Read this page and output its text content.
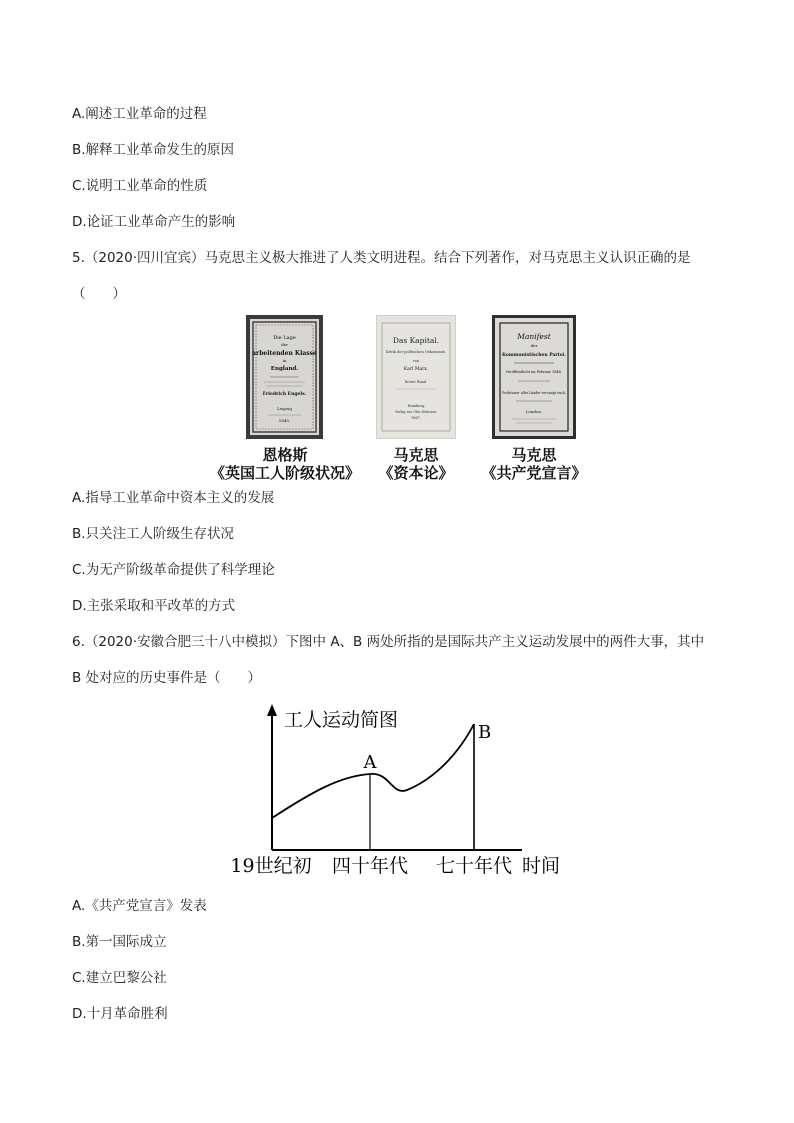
A.阐述工业革命的过程
B.解释工业革命发生的原因
C.说明工业革命的性质
D.论证工业革命产生的影响
5.（2020·四川宜宾）马克思主义极大推进了人类文明进程。结合下列著作，对马克思主义认识正确的是
（　　）
Die Lage
der
arbeitenden Klasse
in
England.
Friedrich Engels.
Leipzig
1845.
Das Kapital.
Kritik der politischen Oekonomie.
von
Karl Marx.
Erster Band.
Hamburg
Verlag von Otto Meissner.
1867.
Manifest
der
Kommunistischen Partei.
Veröffentlicht im Februar 1848.
Proletarier aller Länder vereinigt euch.
London.
恩格斯
《英国工人阶级状况》
马克思
《资本论》
马克思
《共产党宣言》
A.指导工业革命中资本主义的发展
B.只关注工人阶级生存状况
C.为无产阶级革命提供了科学理论
D.主张采取和平改革的方式
6.（2020·安徽合肥三十八中模拟）下图中 A、B 两处所指的是国际共产主义运动发展中的两件大事，其中
B 处对应的历史事件是（　　）
工人运动简图
A
B
19世纪初 四十年代 七十年代 时间
A.《共产党宣言》发表
B.第一国际成立
C.建立巴黎公社
D.十月革命胜利
